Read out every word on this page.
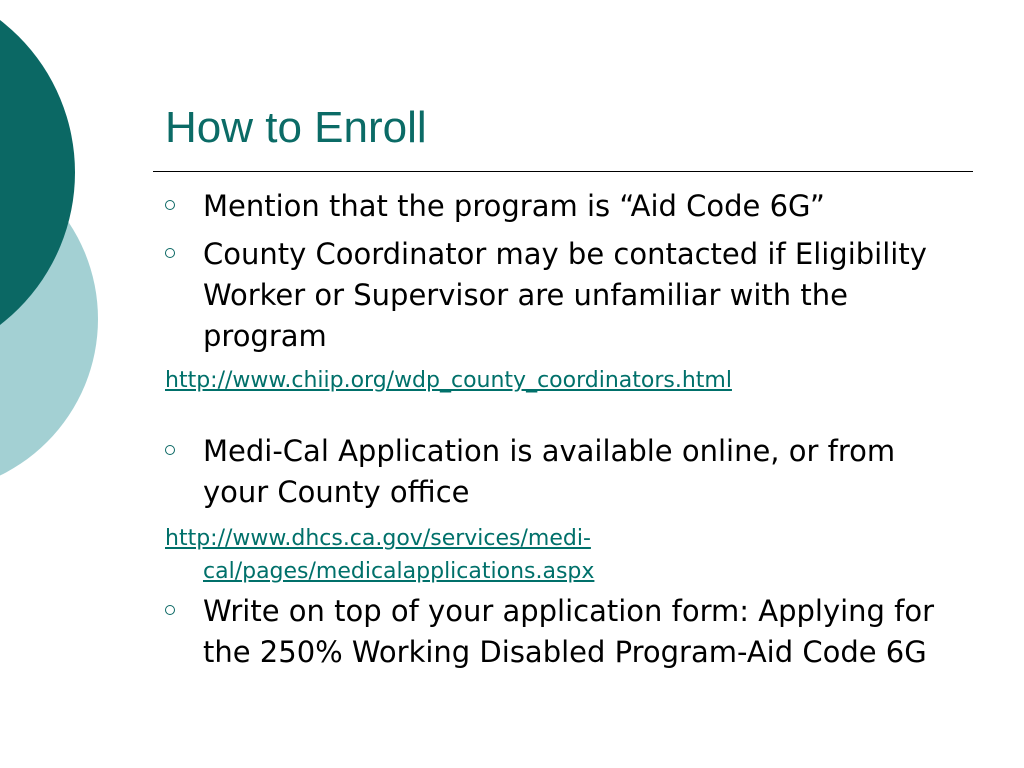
How to Enroll

Mention that the program is “Aid Code 6G”

County Coordinator may be contacted if Eligibility Worker or Supervisor are unfamiliar with the program

http://www.chiip.org/wdp_county_coordinators.html

Medi-Cal Application is available online, or from your County office

http://www.dhcs.ca.gov/services/medi-
cal/pages/medicalapplications.aspx

Write on top of your application form: Applying for the 250% Working Disabled Program-Aid Code 6G
